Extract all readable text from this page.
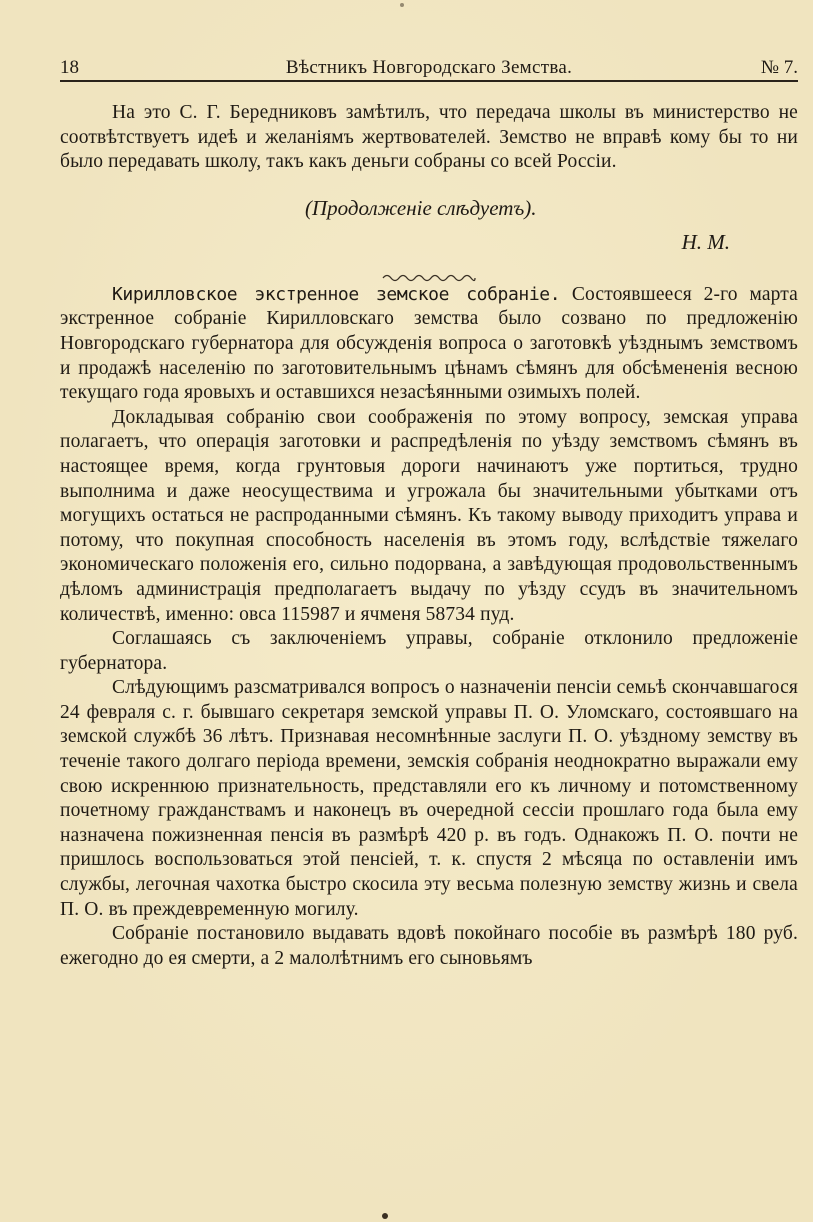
18	Вѣстникъ Новгородскаго Земства.	№ 7.

На это С. Г. Бередниковъ замѣтилъ, что передача школы въ министерство не соотвѣтствуетъ идеѣ и желаніямъ жертвователей. Земство не вправѣ кому бы то ни было передавать школу, такъ какъ деньги собраны со всей Россіи.

(Продолженіе слѣдуетъ).
Н. М.

Кирилловское экстренное земское собраніе. Состоявшееся 2-го марта экстренное собраніе Кирилловскаго земства было созвано по предложенію Новгородскаго губернатора для обсужденія вопроса о заготовкѣ уѣзднымъ земствомъ и продажѣ населенію по заготовительнымъ цѣнамъ сѣмянъ для обсѣмененія весною текущаго года яровыхъ и оставшихся незасѣянными озимыхъ полей.

Докладывая собранію свои соображенія по этому вопросу, земская управа полагаетъ, что операція заготовки и распредѣленія по уѣзду земствомъ сѣмянъ въ настоящее время, когда грунтовыя дороги начинаютъ уже портиться, трудно выполнима и даже неосуществима и угрожала бы значительными убытками отъ могущихъ остаться не распроданными сѣмянъ. Къ такому выводу приходитъ управа и потому, что покупная способность населенія въ этомъ году, вслѣдствіе тяжелаго экономическаго положенія его, сильно подорвана, а завѣдующая продовольственнымъ дѣломъ администрація предполагаетъ выдачу по уѣзду ссудъ въ значительномъ количествѣ, именно: овса 115987 и ячменя 58734 пуд.

Соглашаясь съ заключеніемъ управы, собраніе отклонило предложеніе губернатора.

Слѣдующимъ разсматривался вопросъ о назначеніи пенсіи семьѣ скончавшагося 24 февраля с. г. бывшаго секретаря земской управы П. О. Уломскаго, состоявшаго на земской службѣ 36 лѣтъ. Признавая несомнѣнные заслуги П. О. уѣздному земству въ теченіе такого долгаго періода времени, земскія собранія неоднократно выражали ему свою искреннюю признательность, представляли его къ личному и потомственному почетному гражданствамъ и наконецъ въ очередной сессіи прошлаго года была ему назначена пожизненная пенсія въ размѣрѣ 420 р. въ годъ. Однакожъ П. О. почти не пришлось воспользоваться этой пенсіей, т. к. спустя 2 мѣсяца по оставленіи имъ службы, легочная чахотка быстро скосила эту весьма полезную земству жизнь и свела П. О. въ преждевременную могилу.

Собраніе постановило выдавать вдовѣ покойнаго пособіе въ размѣрѣ 180 руб. ежегодно до ея смерти, а 2 малолѣтнимъ его сыновьямъ
